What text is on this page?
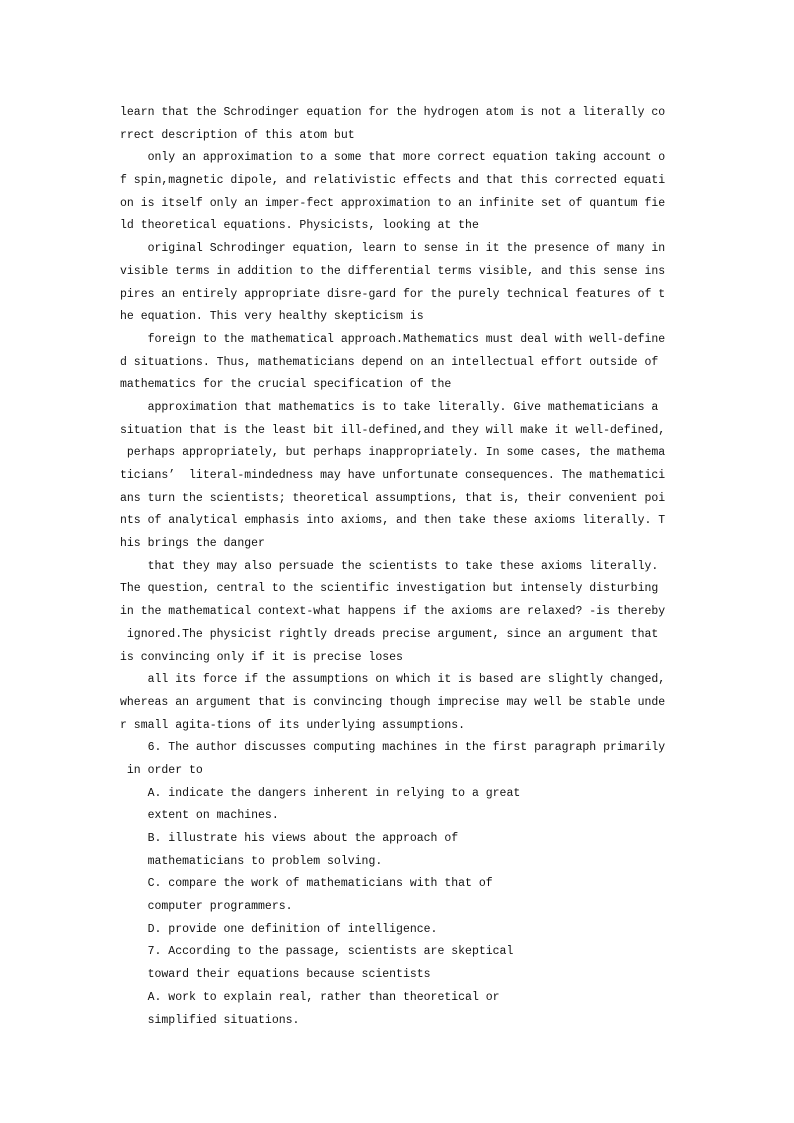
learn that the Schrodinger equation for the hydrogen atom is not a literally co
rrect description of this atom but
only an approximation to a some that more correct equation taking account o
f spin,magnetic dipole, and relativistic effects and that this corrected equati
on is itself only an imper-fect approximation to an infinite set of quantum fie
ld theoretical equations. Physicists, looking at the
original Schrodinger equation, learn to sense in it the presence of many in
visible terms in addition to the differential terms visible, and this sense ins
pires an entirely appropriate disre-gard for the purely technical features of t
he equation. This very healthy skepticism is
foreign to the mathematical approach.Mathematics must deal with well-define
d situations. Thus, mathematicians depend on an intellectual effort outside of
mathematics for the crucial specification of the
approximation that mathematics is to take literally. Give mathematicians a
situation that is the least bit ill-defined,and they will make it well-defined,
perhaps appropriately, but perhaps inappropriately. In some cases, the mathema
ticians’  literal-mindedness may have unfortunate consequences. The mathematici
ans turn the scientists; theoretical assumptions, that is, their convenient poi
nts of analytical emphasis into axioms, and then take these axioms literally. T
his brings the danger
that they may also persuade the scientists to take these axioms literally.
The question, central to the scientific investigation but intensely disturbing
in the mathematical context-what happens if the axioms are relaxed? -is thereby
ignored.The physicist rightly dreads precise argument, since an argument that
is convincing only if it is precise loses
all its force if the assumptions on which it is based are slightly changed,
whereas an argument that is convincing though imprecise may well be stable unde
r small agita-tions of its underlying assumptions.
6. The author discusses computing machines in the first paragraph primarily
in order to
A. indicate the dangers inherent in relying to a great
extent on machines.
B. illustrate his views about the approach of
mathematicians to problem solving.
C. compare the work of mathematicians with that of
computer programmers.
D. provide one definition of intelligence.
7. According to the passage, scientists are skeptical
toward their equations because scientists
A. work to explain real, rather than theoretical or
simplified situations.
